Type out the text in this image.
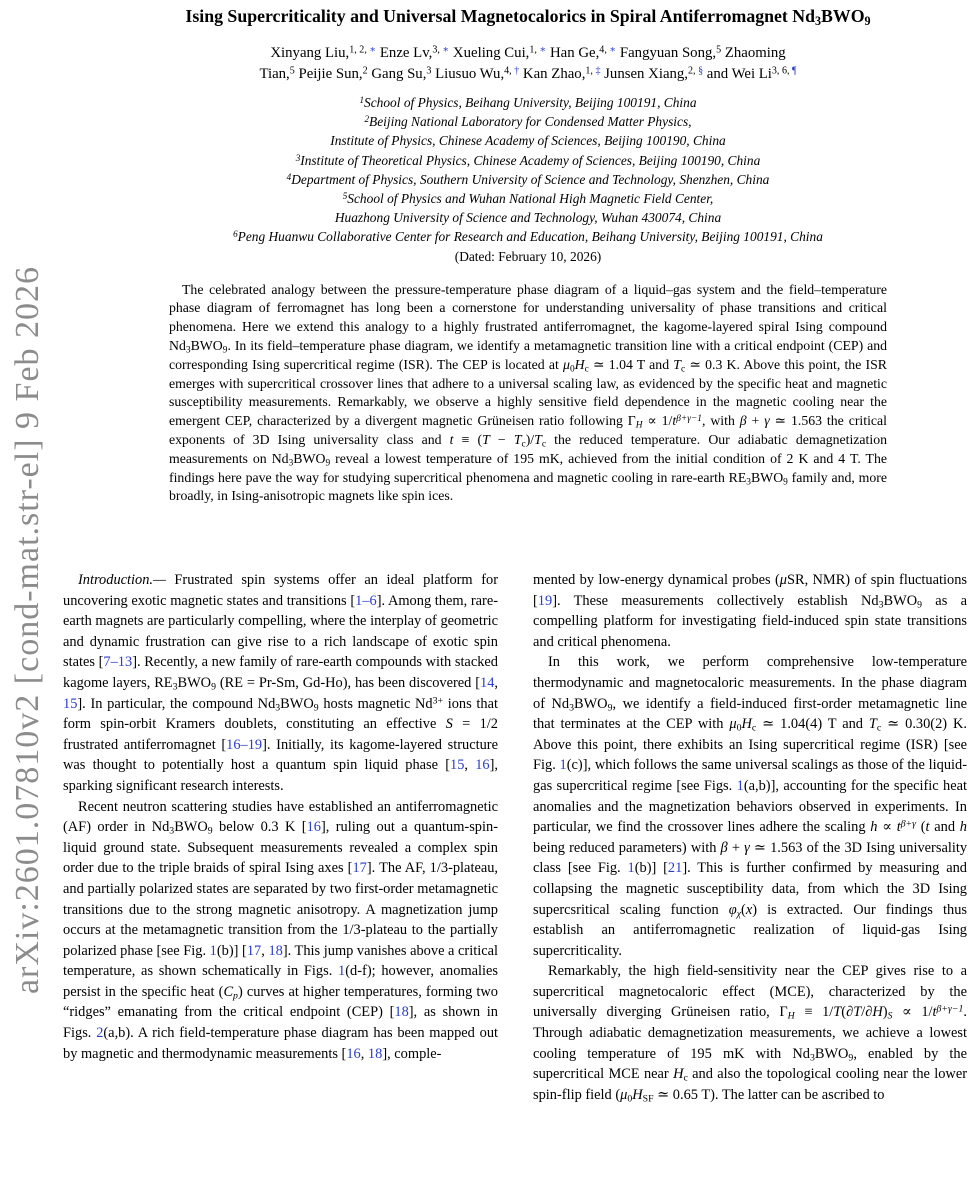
arXiv:2601.07810v2 [cond-mat.str-el] 9 Feb 2026
Ising Supercriticality and Universal Magnetocalorics in Spiral Antiferromagnet $Nd_3BWO_9$
Xinyang Liu,$^{1, 2,}$ ∗ Enze Lv,$^{3,}$ ∗ Xueling Cui,$^{1,}$ ∗ Han Ge,$^{4,}$ ∗ Fangyuan Song,$^5$ Zhaoming
Tian,$^5$ Peijie Sun,$^2$ Gang Su,$^3$ Liusuo Wu,$^{4,}$ † Kan Zhao,$^{1,}$ ‡ Junsen Xiang,$^{2,}$ § and Wei $Li^{3, 6,}$ ¶
$^1$School of Physics, Beihang University, Beijing 100191, China
$^2$Beijing National Laboratory for Condensed Matter Physics,
Institute of Physics, Chinese Academy of Sciences, Beijing 100190, China
$^3$Institute of Theoretical Physics, Chinese Academy of Sciences, Beijing 100190, China
$^4$Department of Physics, Southern University of Science and Technology, Shenzhen, China
$^5$School of Physics and Wuhan National High Magnetic Field Center,
Huazhong University of Science and Technology, Wuhan 430074, China
$^6$Peng Huanwu Collaborative Center for Research and Education, Beihang University, Beijing 100191, China
(Dated: February 10, 2026)
The celebrated analogy between the pressure-temperature phase diagram of a liquid–gas system and the field–temperature phase diagram of ferromagnet has long been a cornerstone for understanding universality of phase transitions and critical phenomena. Here we extend this analogy to a highly frustrated antiferromagnet, the kagome-layered spiral Ising compound $Nd_3BWO_9$. In its field–temperature phase diagram, we identify a metamagnetic transition line with a critical endpoint (CEP) and corresponding Ising supercritical regime (ISR). The CEP is located at $\mu_0H_c$ ≃ 1.04 T and $T_c$ ≃ 0.3 K. Above this point, the ISR emerges with supercritical crossover lines that adhere to a universal scaling law, as evidenced by the specific heat and magnetic susceptibility measurements. Remarkably, we observe a highly sensitive field dependence in the magnetic cooling near the emergent CEP, characterized by a divergent magnetic Grüneisen ratio following $\Gamma_H \propto 1/t^{\beta+\gamma-1}$, with β + γ ≃ 1.563 the critical exponents of 3D Ising universality class and $t \equiv (T - T_c)/T_c$ the reduced temperature. Our adiabatic demagnetization measurements on $Nd_3BWO_9$ reveal a lowest temperature of 195 mK, achieved from the initial condition of 2 K and 4 T. The findings here pave the way for studying supercritical phenomena and magnetic cooling in rare-earth $RE_3BWO_9$ family and, more broadly, in Ising-anisotropic magnets like spin ices.

Introduction.— Frustrated spin systems offer an ideal platform for uncovering exotic magnetic states and transitions [1–6]. Among them, rare-earth magnets are particularly compelling, where the interplay of geometric and dynamic frustration can give rise to a rich landscape of exotic spin states [7–13]. Recently, a new family of rare-earth compounds with stacked kagome layers, $RE_3BWO_9$ (RE = Pr-Sm, Gd-Ho), has been discovered [14, 15]. In particular, the compound $Nd_3BWO_9$ hosts magnetic $Nd^{3+}$ ions that form spin-orbit Kramers doublets, constituting an effective S = 1/2 frustrated antiferromagnet [16–19]. Initially, its kagome-layered structure was thought to potentially host a quantum spin liquid phase [15, 16], sparking significant research interests.

Recent neutron scattering studies have established an antiferromagnetic (AF) order in $Nd_3BWO_9$ below 0.3 K [16], ruling out a quantum-spin-liquid ground state. Subsequent measurements revealed a complex spin order due to the triple braids of spiral Ising axes [17]. The AF, 1/3-plateau, and partially polarized states are separated by two first-order metamagnetic transitions due to the strong magnetic anisotropy. A magnetization jump occurs at the metamagnetic transition from the 1/3-plateau to the partially polarized phase [see Fig. 1(b)] [17, 18]. This jump vanishes above a critical temperature, as shown schematically in Figs. 1(d-f); however, anomalies persist in the specific heat $(C_p)$ curves at higher temperatures, forming two “ridges” emanating from the critical endpoint (CEP) [18], as shown in Figs. 2(a,b). A rich field-temperature phase diagram has been mapped out by magnetic and thermodynamic measurements [16, 18], comple-

mented by low-energy dynamical probes (μSR, NMR) of spin fluctuations [19]. These measurements collectively establish $Nd_3BWO_9$ as a compelling platform for investigating field-induced spin state transitions and critical phenomena.

In this work, we perform comprehensive low-temperature thermodynamic and magnetocaloric measurements. In the phase diagram of $Nd_3BWO_9$, we identify a field-induced first-order metamagnetic line that terminates at the CEP with $\mu_0H_c$ ≃ 1.04(4) T and $T_c$ ≃ 0.30(2) K. Above this point, there exhibits an Ising supercritical regime (ISR) [see Fig. 1(c)], which follows the same universal scalings as those of the liquid-gas supercritical regime [see Figs. 1(a,b)], accounting for the specific heat anomalies and the magnetization behaviors observed in experiments. In particular, we find the crossover lines adhere the scaling $h \propto t^{\beta+\gamma}$ (t and h being reduced parameters) with β + γ ≃ 1.563 of the 3D Ising universality class [see Fig. 1(b)] [21]. This is further confirmed by measuring and collapsing the magnetic susceptibility data, from which the 3D Ising supercsritical scaling function $\varphi_\chi(x)$ is extracted. Our findings thus establish an antiferromagnetic realization of liquid-gas Ising supercriticality.

Remarkably, the high field-sensitivity near the CEP gives rise to a supercritical magnetocaloric effect (MCE), characterized by the universally diverging Grüneisen ratio, $\Gamma_H \equiv 1/T(\partial T/\partial H)_S \propto 1/t^{\beta+\gamma-1}$. Through adiabatic demagnetization measurements, we achieve a lowest cooling temperature of 195 mK with $Nd_3BWO_9$, enabled by the supercritical MCE near $H_c$ and also the topological cooling near the lower spin-flip field ($\mu_0H_{SF}$ ≃ 0.65 T). The latter can be ascribed to
